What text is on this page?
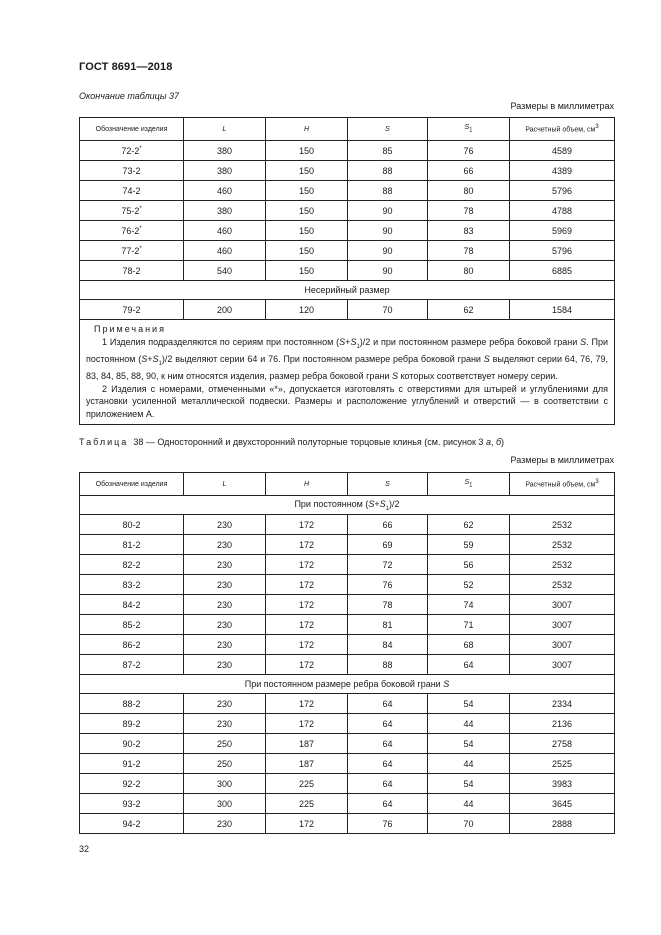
ГОСТ 8691—2018
Окончание таблицы 37
Размеры в миллиметрах
Обозначение изделия	L	H	S	$S_1$	Расчетный объем, $см^3$
72-2*	380	150	85	76	4589
73-2	380	150	88	66	4389
74-2	460	150	88	80	5796
75-2*	380	150	90	78	4788
76-2*	460	150	90	83	5969
77-2*	460	150	90	78	5796
78-2	540	150	90	80	6885
Несерийный размер					
79-2	200	120	70	62	1584

Примечания

1 Изделия подразделяются по сериям при постоянном $(S+S_1)/2$ и при постоянном размере ребра боковой грани S. При постоянном $(S+S_1)/2$ выделяют серии 64 и 76. При постоянном размере ребра боковой грани S выделяют серии 64, 76, 79, 83, 84, 85, 88, 90, к ним относятся изделия, размер ребра боковой грани S которых соответствует номеру серии.

2 Изделия с номерами, отмеченными «*», допускается изготовлять с отверстиями для штырей и углублениями для установки усиленной металлической подвески. Размеры и расположение углублений и отверстий — в соответствии с приложением А.					

Таблица  38 — Односторонний и двухсторонний полуторные торцовые клинья (см. рисунок 3 а, б)
Размеры в миллиметрах
Обозначение изделия	L	H	S	$S_1$	Расчетный объем, $см^3$
При постоянном $(S+S_1)/2$					
80-2	230	172	66	62	2532
81-2	230	172	69	59	2532
82-2	230	172	72	56	2532
83-2	230	172	76	52	2532
84-2	230	172	78	74	3007
85-2	230	172	81	71	3007
86-2	230	172	84	68	3007
87-2	230	172	88	64	3007
При постоянном размере ребра боковой грани S					
88-2	230	172	64	54	2334
89-2	230	172	64	44	2136
90-2	250	187	64	54	2758
91-2	250	187	64	44	2525
92-2	300	225	64	54	3983
93-2	300	225	64	44	3645
94-2	230	172	76	70	2888
32
